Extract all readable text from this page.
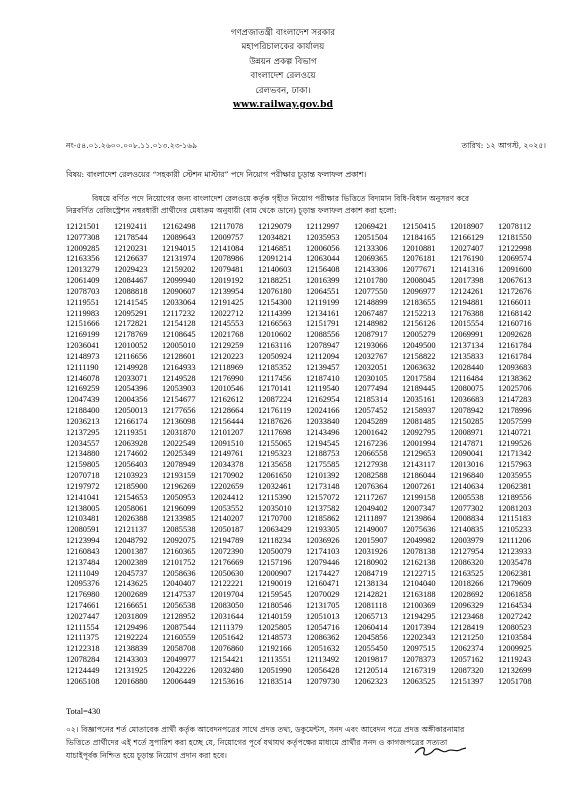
গণপ্রজাতন্ত্রী বাংলাদেশ সরকার
মহাপরিচালকের কার্যালয়
উন্নয়ন প্রকল্প বিভাগ
বাংলাদেশ রেলওয়ে
রেলভবন, ঢাকা।
www.railway.gov.bd
নং-৫৪.০১.২৬০০.০০৮.১১.০১৩.২৩-১৬৯	তারিখ: ১২ আগস্ট, ২০২৫।
বিষয়: বাংলাদেশ রেলওয়ের “সহকারী স্টেশন মাস্টার” পদে নিয়োগ পরীক্ষার চূড়ান্ত ফলাফল প্রকাশ।
বিষয়ে বর্ণিত পদে নিয়োগের জন্য বাংলাদেশ রেলওয়ে কর্তৃক গৃহীত নিয়োগ পরীক্ষার ভিত্তিতে বিদ্যমান বিধি-বিধান অনুসরণ করে
নিম্নবর্ণিত রেজিস্ট্রেশন নম্বরধারী প্রার্থীদের মেধাক্রম অনুযায়ী (বাম থেকে ডানে) চূড়ান্ত ফলাফল প্রকাশ করা হলো:
12121501	12192411	12162498	12117078	12129079	12112997	12069421	12150415	12018907	12078112
12077308	12178544	12089643	12009757	12034821	12035953	12051504	12184165	12166129	12181550
12009285	12120231	12194015	12141084	12146851	12006056	12133306	12010881	12027407	12122998
12163356	12126637	12131974	12078986	12091214	12063044	12069365	12076181	12176190	12069574
12013279	12029423	12159202	12079481	12140603	12156408	12143306	12077671	12141316	12091600
12061409	12084467	12099940	12019192	12188251	12016399	12101780	12008045	12017398	12067613
12078703	12088818	12090607	12139954	12076180	12064551	12077550	12096977	12124261	12172676
12119551	12141545	12033064	12191425	12154300	12119199	12148899	12183655	12194881	12166011
12119983	12095291	12117232	12022712	12114399	12134161	12067487	12152213	12176388	12168142
12151666	12172821	12154128	12145553	12166563	12151791	12148982	12156126	12015554	12160716
12169199	12178769	12108645	12021768	12010602	12088556	12087917	12005279	12069991	12092628
12036041	12010052	12005010	12129259	12163116	12078947	12193066	12049500	12137134	12161784
12148973	12116656	12128601	12120223	12050924	12112094	12032767	12158822	12135833	12161784
12111190	12149928	12164933	12118969	12185352	12139457	12032051	12063632	12028440	12093683
12146078	12033071	12149528	12176990	12117456	12187410	12030105	12017584	12116484	12138362
12169259	12054396	12053903	12010546	12170141	12119540	12077494	12189445	12080075	12025706
12047439	12004356	12154677	12162612	12087224	12162954	12185314	12035161	12036683	12147283
12188400	12050013	12177656	12128664	12176119	12024166	12057452	12158937	12078942	12178996
12036213	12166174	12136098	12156444	12187626	12033840	12045289	12081485	12150285	12057599
12137295	12119351	12031870	12101207	12117698	12143496	12001642	12092795	12008971	12140721
12034557	12063928	12022549	12091510	12155065	12194545	12167236	12001994	12147871	12199526
12134880	12174602	12025349	12149761	12195323	12188753	12066558	12129653	12090041	12171342
12159805	12056403	12078949	12034378	12135658	12175585	12127938	12143117	12013016	12157963
12070718	12103923	12193159	12170902	12061650	12101392	12082588	12186044	12196840	12035955
12197972	12185900	12196269	12202659	12032461	12173148	12076364	12007261	12140634	12062381
12141041	12154653	12050953	12024412	12115390	12157072	12117267	12199158	12005538	12189556
12138005	12058061	12196099	12053552	12035010	12137582	12049402	12007347	12077302	12081203
12103481	12026388	12133985	12140207	12170700	12185862	12111897	12139864	12008834	12115183
12080591	12121137	12085538	12050187	12063429	12193305	12149007	12075636	12140835	12105233
12123994	12048792	12092075	12194789	12118234	12036926	12015907	12049982	12003979	12111206
12160843	12001387	12160365	12072390	12050079	12174103	12031926	12078138	12127954	12123933
12137484	12002389	12101752	12176669	12157196	12079446	12180902	12162138	12086320	12035478
12111049	12045737	12058636	12050630	12000907	12174427	12084719	12122715	12163525	12062381
12095376	12143625	12040407	12122221	12190019	12160471	12138134	12104040	12018266	12179609
12176980	12002689	12147537	12019704	12159545	12070029	12142821	12163188	12028692	12061858
12174661	12166651	12056538	12083050	12180546	12131705	12081118	12100369	12096329	12164534
12027447	12031809	12128952	12031644	12140159	12051013	12065713	12194295	12123468	12027242
12111554	12129496	12087544	12111379	12025805	12054716	12060414	12017394	12128419	12080523
12111375	12192224	12160559	12051642	12148573	12086362	12045856	12202343	12121250	12103584
12122318	12138839	12058708	12076860	12192166	12051632	12055450	12097515	12062374	12009925
12078284	12143303	12049977	12154421	12113551	12113492	12019817	12078373	12057162	12119243
12124449	12131925	12042226	12032480	12051990	12056428	12120514	12167319	12087320	12132699
12065108	12016880	12006449	12153616	12183514	12079730	12062323	12063525	12151397	12051708
Total=430
০২। বিজ্ঞাপনের শর্ত মোতাবেক প্রার্থী কর্তৃক আবেদনপত্রের সাথে প্রদত্ত তথ্য, ডকুমেন্টস, সনদ এবং আবেদন পত্রে প্রদত্ত অঙ্গীকারনামার
ভিত্তিতে প্রার্থীদের এই শর্তে সুপারিশ করা হচ্ছে যে, নিয়োগের পূর্বে যথাযথ কর্তৃপক্ষের মাধ্যমে প্রার্থীর সনদ ও কাগজপত্রের সত্যতা
যাচাইপূর্বক নিশ্চিত হয়ে চূড়ান্ত নিয়োগ প্রদান করা হবে।
